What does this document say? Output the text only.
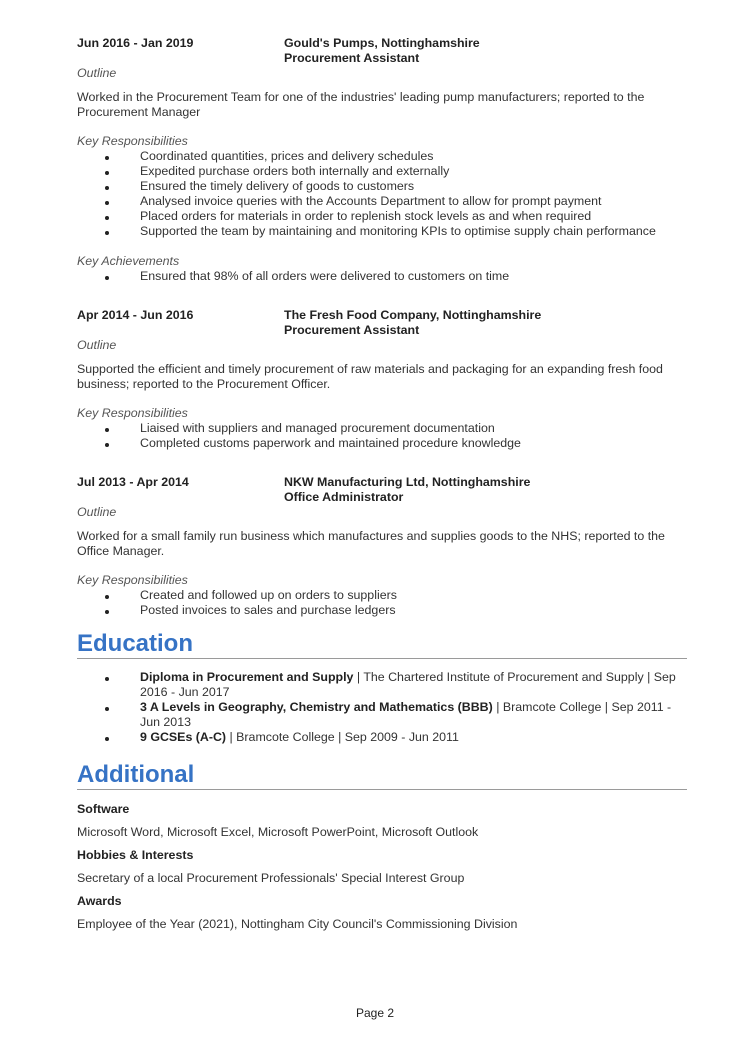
Jun 2016 - Jan 2019	Gould's Pumps, Nottinghamshire
Procurement Assistant
Outline
Worked in the Procurement Team for one of the industries' leading pump manufacturers; reported to the Procurement Manager
Key Responsibilities
Coordinated quantities, prices and delivery schedules
Expedited purchase orders both internally and externally
Ensured the timely delivery of goods to customers
Analysed invoice queries with the Accounts Department to allow for prompt payment
Placed orders for materials in order to replenish stock levels as and when required
Supported the team by maintaining and monitoring KPIs to optimise supply chain performance
Key Achievements
Ensured that 98% of all orders were delivered to customers on time
Apr 2014 - Jun 2016	The Fresh Food Company, Nottinghamshire
Procurement Assistant
Outline
Supported the efficient and timely procurement of raw materials and packaging for an expanding fresh food business; reported to the Procurement Officer.
Key Responsibilities
Liaised with suppliers and managed procurement documentation
Completed customs paperwork and maintained procedure knowledge
Jul 2013 - Apr 2014	NKW Manufacturing Ltd, Nottinghamshire
Office Administrator
Outline
Worked for a small family run business which manufactures and supplies goods to the NHS; reported to the Office Manager.
Key Responsibilities
Created and followed up on orders to suppliers
Posted invoices to sales and purchase ledgers
Education
Diploma in Procurement and Supply | The Chartered Institute of Procurement and Supply | Sep 2016 - Jun 2017
3 A Levels in Geography, Chemistry and Mathematics (BBB) | Bramcote College | Sep 2011 - Jun 2013
9 GCSEs (A-C) | Bramcote College | Sep 2009 - Jun 2011
Additional
Software
Microsoft Word, Microsoft Excel, Microsoft PowerPoint, Microsoft Outlook
Hobbies & Interests
Secretary of a local Procurement Professionals' Special Interest Group
Awards
Employee of the Year (2021), Nottingham City Council's Commissioning Division
Page 2
